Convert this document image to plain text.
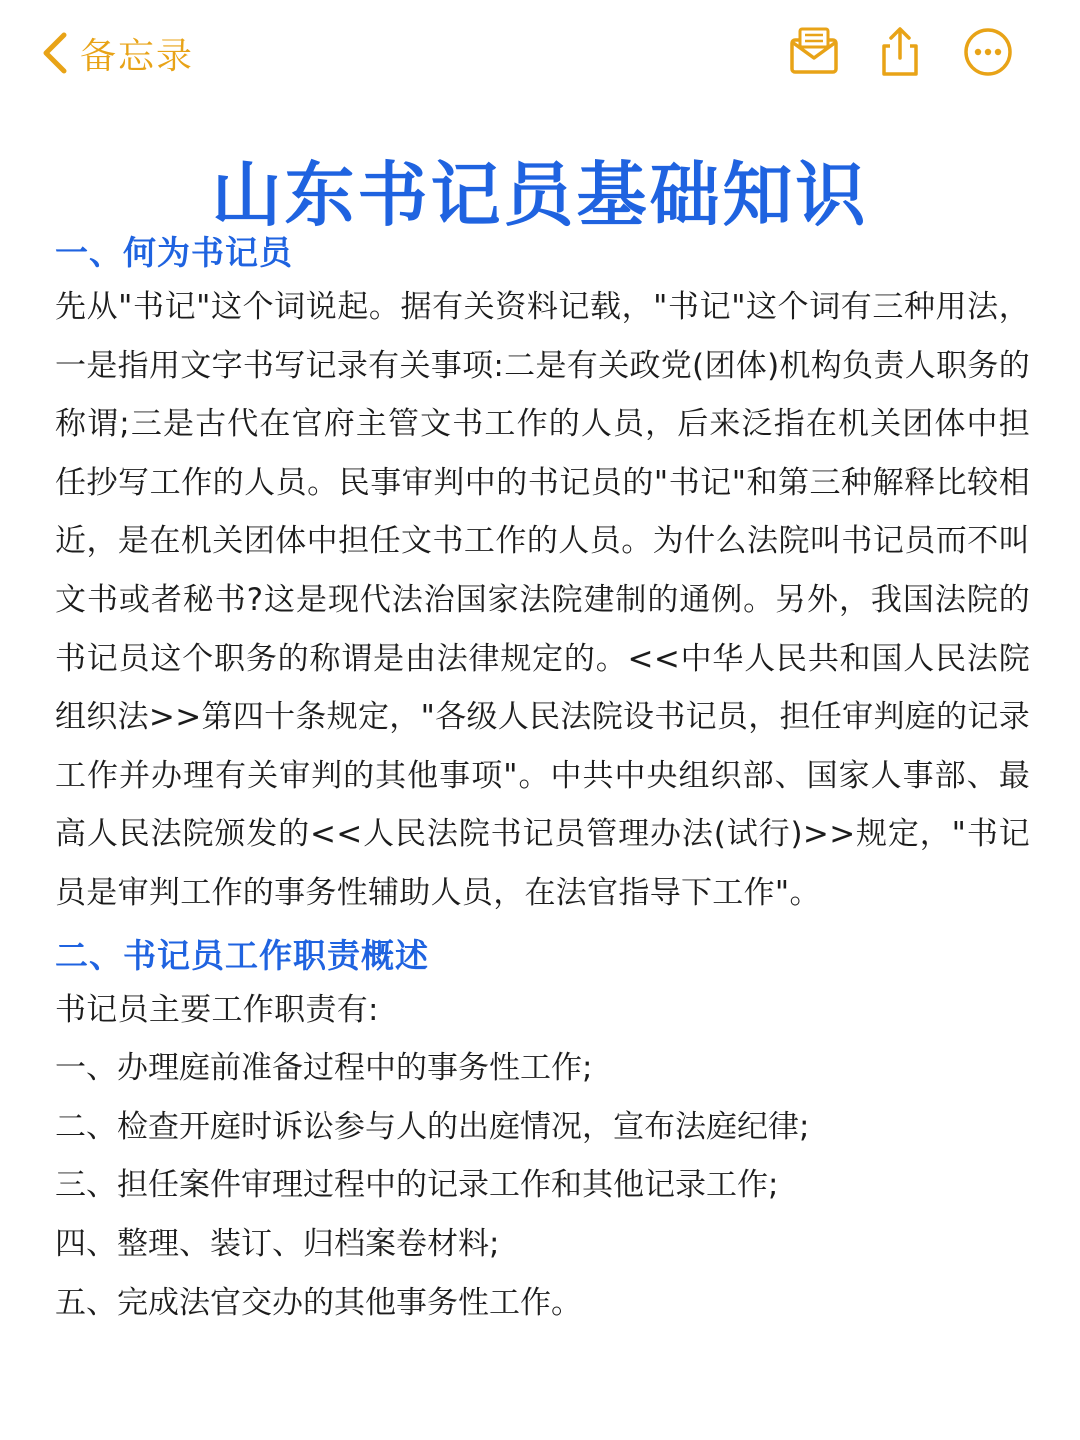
备忘录
山东书记员基础知识

一、何为书记员

先从"书记"这个词说起。据有关资料记载，"书记"这个词有三种用法，一是指用文字书写记录有关事项:二是有关政党(团体)机构负责人职务的称谓;三是古代在官府主管文书工作的人员，后来泛指在机关团体中担任抄写工作的人员。民事审判中的书记员的"书记"和第三种解释比较相近，是在机关团体中担任文书工作的人员。为什么法院叫书记员而不叫文书或者秘书?这是现代法治国家法院建制的通例。另外，我国法院的书记员这个职务的称谓是由法律规定的。<<中华人民共和国人民法院组织法>>第四十条规定，"各级人民法院设书记员，担任审判庭的记录工作并办理有关审判的其他事项"。中共中央组织部、国家人事部、最高人民法院颁发的<<人民法院书记员管理办法(试行)>>规定，"书记员是审判工作的事务性辅助人员，在法官指导下工作"。

二、书记员工作职责概述

书记员主要工作职责有:

一、办理庭前准备过程中的事务性工作;
二、检查开庭时诉讼参与人的出庭情况，宣布法庭纪律;
三、担任案件审理过程中的记录工作和其他记录工作;
四、整理、装订、归档案卷材料;
五、完成法官交办的其他事务性工作。
